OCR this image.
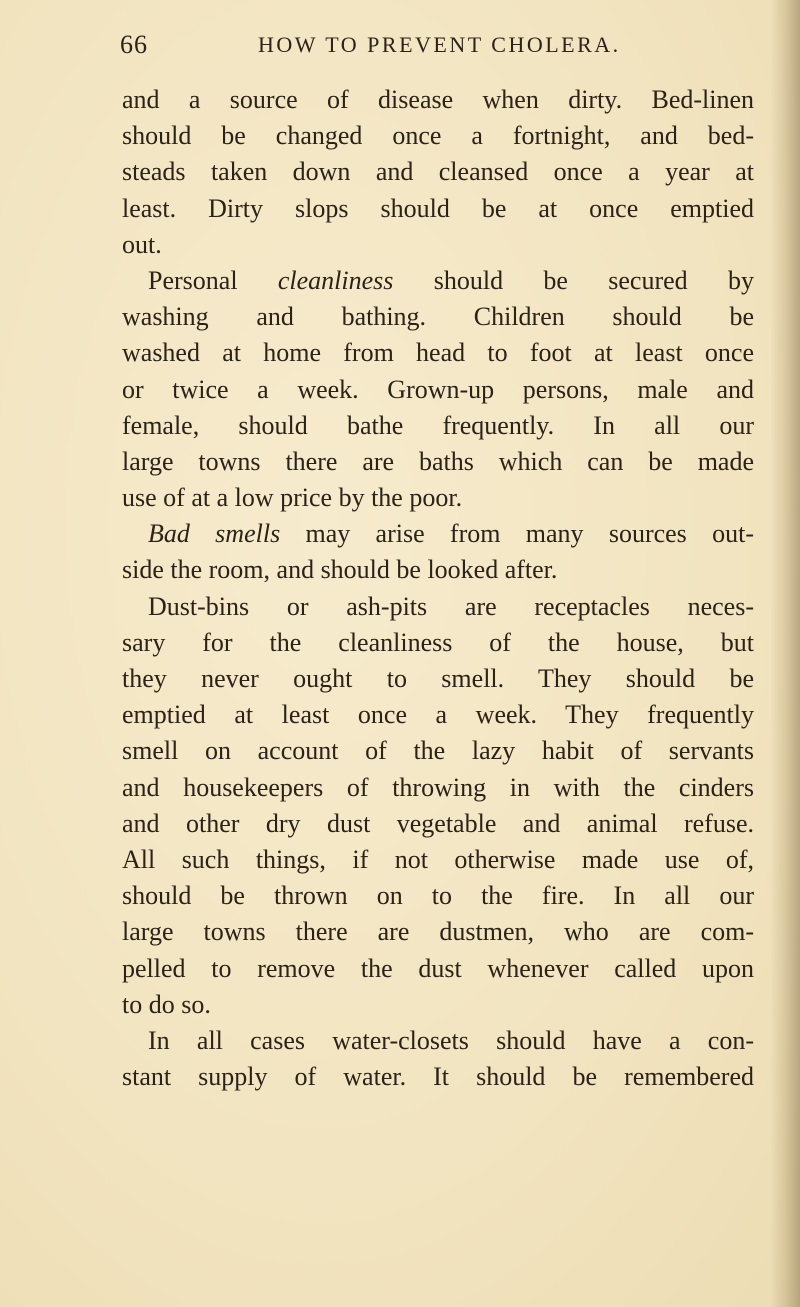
66	HOW TO PREVENT CHOLERA.
and a source of disease when dirty. Bed-linen
should be changed once a fortnight, and bed-
steads taken down and cleansed once a year at
least. Dirty slops should be at once emptied
out.
Personal cleanliness should be secured by
washing and bathing. Children should be
washed at home from head to foot at least once
or twice a week. Grown-up persons, male and
female, should bathe frequently. In all our
large towns there are baths which can be made
use of at a low price by the poor.
Bad smells may arise from many sources out-
side the room, and should be looked after.
Dust-bins or ash-pits are receptacles neces-
sary for the cleanliness of the house, but
they never ought to smell. They should be
emptied at least once a week. They frequently
smell on account of the lazy habit of servants
and housekeepers of throwing in with the cinders
and other dry dust vegetable and animal refuse.
All such things, if not otherwise made use of,
should be thrown on to the fire. In all our
large towns there are dustmen, who are com-
pelled to remove the dust whenever called upon
to do so.
In all cases water-closets should have a con-
stant supply of water. It should be remembered
